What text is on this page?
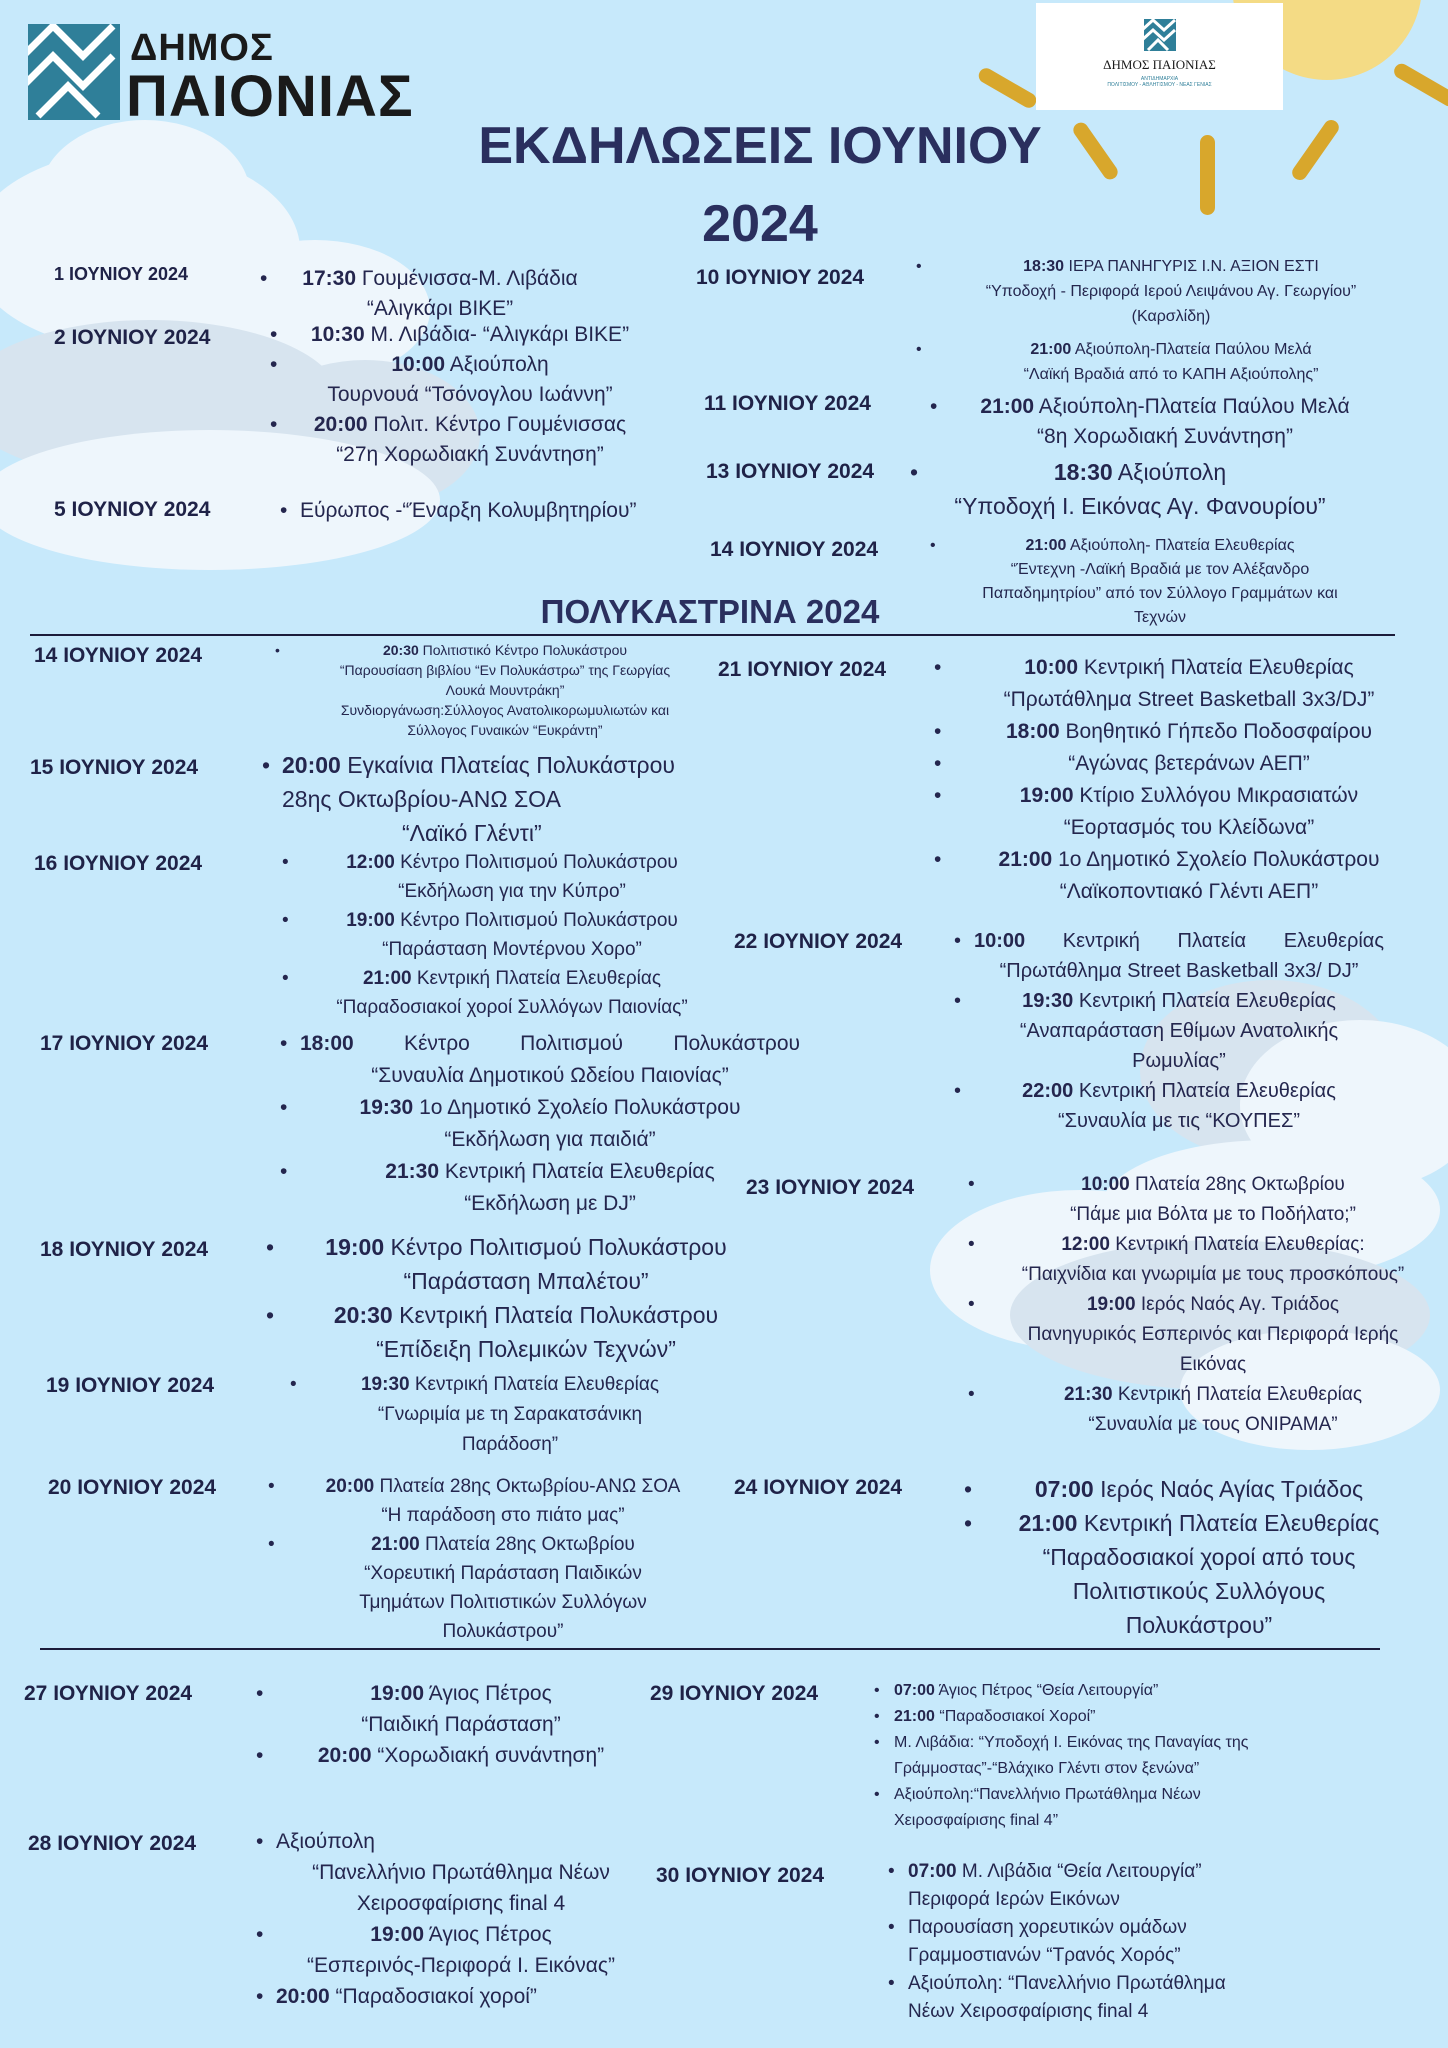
ΔΗΜΟΣ
ΠΑΙΟΝΙΑΣ	ΔΗΜΟΣ ΠΑΙΟΝΙΑΣ
ΑΝΤΙΔΗΜΑΡΧΙΑ
ΠΟΛΙΤΙΣΜΟΥ - ΑΘΛΗΤΙΣΜΟΥ - ΝΕΑΣ ΓΕΝΙΑΣ
ΕΚΔΗΛΩΣΕΙΣ ΙΟΥΝΙΟΥ
2024
1 ΙΟΥΝΙΟΥ 2024	• 17:30 Γουμένισσα-Μ. Λιβάδια
“Αλιγκάρι ΒΙΚΕ”
2 ΙΟΥΝΙΟΥ 2024	• 10:30 Μ. Λιβάδια- “Αλιγκάρι ΒΙΚΕ”
• 10:00 Αξιούπολη
Τουρνουά “Τσόνογλου Ιωάννη”
• 20:00 Πολιτ. Κέντρο Γουμένισσας
“27η Χορωδιακή Συνάντηση”
5 ΙΟΥΝΙΟΥ 2024	• Εύρωπος -“Έναρξη Κολυμβητηρίου”
10 ΙΟΥΝΙΟΥ 2024	• 18:30 ΙΕΡΑ ΠΑΝΗΓΥΡΙΣ Ι.Ν. ΑΞΙΟΝ ΕΣΤΙ
“Υποδοχή - Περιφορά Ιερού Λειψάνου Αγ. Γεωργίου”
(Καρσλίδη)
• 21:00 Αξιούπολη-Πλατεία Παύλου Μελά
“Λαϊκή Βραδιά από το ΚΑΠΗ Αξιούπολης”
11 ΙΟΥΝΙΟΥ 2024	• 21:00 Αξιούπολη-Πλατεία Παύλου Μελά
“8η Χορωδιακή Συνάντηση”
13 ΙΟΥΝΙΟΥ 2024	• 18:30 Αξιούπολη
“Υποδοχή Ι. Εικόνας Αγ. Φανουρίου”
14 ΙΟΥΝΙΟΥ 2024	• 21:00 Αξιούπολη- Πλατεία Ελευθερίας
“Έντεχνη -Λαϊκή Βραδιά με τον Αλέξανδρο
Παπαδημητρίου” από τον Σύλλογο Γραμμάτων και
Τεχνών
ΠΟΛΥΚΑΣΤΡΙΝΑ 2024
14 ΙΟΥΝΙΟΥ 2024	• 20:30 Πολιτιστικό Κέντρο Πολυκάστρου
“Παρουσίαση βιβλίου “Εν Πολυκάστρω” της Γεωργίας
Λουκά Μουντράκη”
Συνδιοργάνωση:Σύλλογος Ανατολικορωμυλιωτών και
Σύλλογος Γυναικών “Ευκράντη”
15 ΙΟΥΝΙΟΥ 2024	• 20:00 Εγκαίνια Πλατείας Πολυκάστρου
28ης Οκτωβρίου-ΑΝΩ ΣΟΑ
“Λαϊκό Γλέντι”
16 ΙΟΥΝΙΟΥ 2024	• 12:00 Κέντρο Πολιτισμού Πολυκάστρου
“Εκδήλωση για την Κύπρο”
• 19:00 Κέντρο Πολιτισμού Πολυκάστρου
“Παράσταση Μοντέρνου Χορο”
• 21:00 Κεντρική Πλατεία Ελευθερίας
“Παραδοσιακοί χοροί Συλλόγων Παιονίας”
17 ΙΟΥΝΙΟΥ 2024	• 18:00 Κέντρο Πολιτισμού Πολυκάστρου
“Συναυλία Δημοτικού Ωδείου Παιονίας”
• 19:30 1ο Δημοτικό Σχολείο Πολυκάστρου
“Εκδήλωση για παιδιά”
• 21:30 Κεντρική Πλατεία Ελευθερίας
“Εκδήλωση με DJ”
18 ΙΟΥΝΙΟΥ 2024	• 19:00 Κέντρο Πολιτισμού Πολυκάστρου
“Παράσταση Μπαλέτου”
• 20:30 Κεντρική Πλατεία Πολυκάστρου
“Επίδειξη Πολεμικών Τεχνών”
19 ΙΟΥΝΙΟΥ 2024	• 19:30 Κεντρική Πλατεία Ελευθερίας
“Γνωριμία με τη Σαρακατσάνικη
Παράδοση”
20 ΙΟΥΝΙΟΥ 2024	• 20:00 Πλατεία 28ης Οκτωβρίου-ΑΝΩ ΣΟΑ
“Η παράδοση στο πιάτο μας”
• 21:00 Πλατεία 28ης Οκτωβρίου
“Χορευτική Παράσταση Παιδικών
Τμημάτων Πολιτιστικών Συλλόγων
Πολυκάστρου”
21 ΙΟΥΝΙΟΥ 2024	• 10:00 Κεντρική Πλατεία Ελευθερίας
“Πρωτάθλημα Street Basketball 3x3/DJ”
• 18:00 Βοηθητικό Γήπεδο Ποδοσφαίρου
• “Αγώνας βετεράνων ΑΕΠ”
• 19:00 Κτίριο Συλλόγου Μικρασιατών
“Εορτασμός του Κλείδωνα”
• 21:00 1ο Δημοτικό Σχολείο Πολυκάστρου
“Λαϊκοποντιακό Γλέντι ΑΕΠ”
22 ΙΟΥΝΙΟΥ 2024	• 10:00 Κεντρική Πλατεία Ελευθερίας
“Πρωτάθλημα Street Basketball 3x3/ DJ”
• 19:30 Κεντρική Πλατεία Ελευθερίας
“Αναπαράσταση Εθίμων Ανατολικής
Ρωμυλίας”
• 22:00 Κεντρική Πλατεία Ελευθερίας
“Συναυλία με τις “ΚΟΥΠΕΣ”
23 ΙΟΥΝΙΟΥ 2024	• 10:00 Πλατεία 28ης Οκτωβρίου
“Πάμε μια Βόλτα με το Ποδήλατο;”
• 12:00 Κεντρική Πλατεία Ελευθερίας:
“Παιχνίδια και γνωριμία με τους προσκόπους”
• 19:00 Ιερός Ναός Αγ. Τριάδος
Πανηγυρικός Εσπερινός και Περιφορά Ιερής
Εικόνας
• 21:30 Κεντρική Πλατεία Ελευθερίας
“Συναυλία με τους ΟΝΙΡΑΜΑ”
24 ΙΟΥΝΙΟΥ 2024	• 07:00 Ιερός Ναός Αγίας Τριάδος
• 21:00 Κεντρική Πλατεία Ελευθερίας
“Παραδοσιακοί χοροί από τους
Πολιτιστικούς Συλλόγους
Πολυκάστρου”
27 ΙΟΥΝΙΟΥ 2024	• 19:00 Άγιος Πέτρος
“Παιδική Παράσταση”
• 20:00 “Χορωδιακή συνάντηση”
28 ΙΟΥΝΙΟΥ 2024	• Αξιούπολη

“Πανελλήνιο Πρωτάθλημα Νέων
Χειροσφαίρισης final 4
• 19:00 Άγιος Πέτρος
“Εσπερινός-Περιφορά Ι. Εικόνας”
• 20:00 “Παραδοσιακοί χοροί”
29 ΙΟΥΝΙΟΥ 2024	• 07:00 Άγιος Πέτρος “Θεία Λειτουργία”
• 21:00 “Παραδοσιακοί Χοροί”
• Μ. Λιβάδια: “Υποδοχή Ι. Εικόνας της Παναγίας της
Γράμμοστας”-“Βλάχικο Γλέντι στον ξενώνα”
• Αξιούπολη:“Πανελλήνιο Πρωτάθλημα Νέων
Χειροσφαίρισης final 4”
30 ΙΟΥΝΙΟΥ 2024	• 07:00 Μ. Λιβάδια “Θεία Λειτουργία”
Περιφορά Ιερών Εικόνων
• Παρουσίαση χορευτικών ομάδων
Γραμμοστιανών “Τρανός Χορός”
• Αξιούπολη: “Πανελλήνιο Πρωτάθλημα
Νέων Χειροσφαίρισης final 4
